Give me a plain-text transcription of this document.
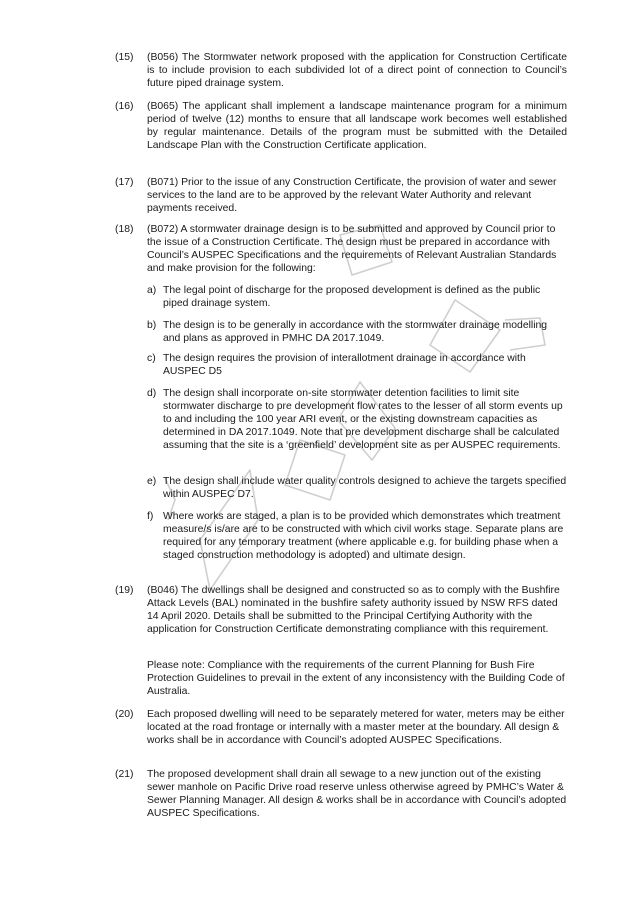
(15) (B056) The Stormwater network proposed with the application for Construction Certificate is to include provision to each subdivided lot of a direct point of connection to Council’s future piped drainage system.

(16) (B065) The applicant shall implement a landscape maintenance program for a minimum period of twelve (12) months to ensure that all landscape work becomes well established by regular maintenance. Details of the program must be submitted with the Detailed Landscape Plan with the Construction Certificate application.

(17) (B071) Prior to the issue of any Construction Certificate, the provision of water and sewer services to the land are to be approved by the relevant Water Authority and relevant payments received.

(18) (B072) A stormwater drainage design is to be submitted and approved by Council prior to the issue of a Construction Certificate. The design must be prepared in accordance with Council’s AUSPEC Specifications and the requirements of Relevant Australian Standards and make provision for the following:

a) The legal point of discharge for the proposed development is defined as the public piped drainage system.
b) The design is to be generally in accordance with the stormwater drainage modelling and plans as approved in PMHC DA 2017.1049.
c) The design requires the provision of interallotment drainage in accordance with AUSPEC D5
d) The design shall incorporate on-site stormwater detention facilities to limit site stormwater discharge to pre development flow rates to the lesser of all storm events up to and including the 100 year ARI event, or the existing downstream capacities as determined in DA 2017.1049. Note that pre development discharge shall be calculated assuming that the site is a ‘greenfield’ development site as per AUSPEC requirements.
e) The design shall include water quality controls designed to achieve the targets specified within AUSPEC D7.
f) Where works are staged, a plan is to be provided which demonstrates which treatment measure/s is/are are to be constructed with which civil works stage. Separate plans are required for any temporary treatment (where applicable e.g. for building phase when a staged construction methodology is adopted) and ultimate design.
(19) (B046) The dwellings shall be designed and constructed so as to comply with the Bushfire Attack Levels (BAL) nominated in the bushfire safety authority issued by NSW RFS dated 14 April 2020. Details shall be submitted to the Principal Certifying Authority with the application for Construction Certificate demonstrating compliance with this requirement.

Please note: Compliance with the requirements of the current Planning for Bush Fire Protection Guidelines to prevail in the extent of any inconsistency with the Building Code of Australia.
(20) Each proposed dwelling will need to be separately metered for water, meters may be either located at the road frontage or internally with a master meter at the boundary. All design & works shall be in accordance with Council’s adopted AUSPEC Specifications.

(21) The proposed development shall drain all sewage to a new junction out of the existing sewer manhole on Pacific Drive road reserve unless otherwise agreed by PMHC’s Water & Sewer Planning Manager. All design & works shall be in accordance with Council’s adopted AUSPEC Specifications.
